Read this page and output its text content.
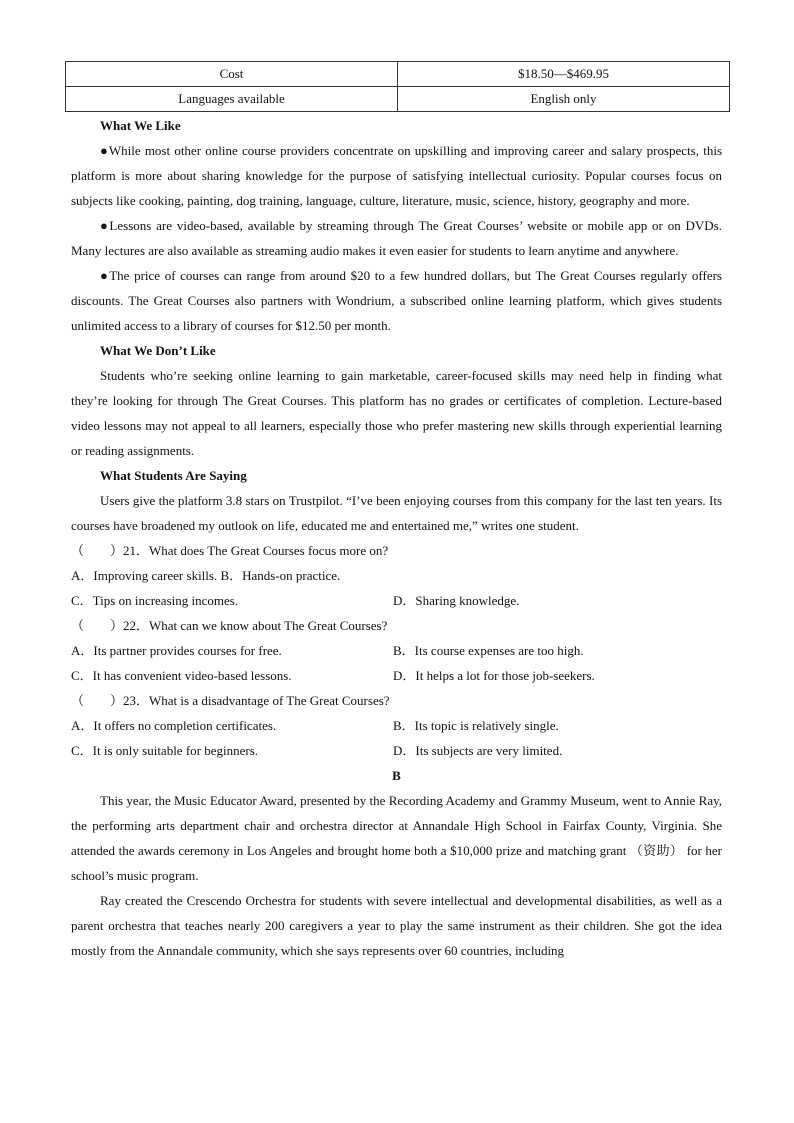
Cost	$18.50—$469.95
Languages available	English only

What We Like

●While most other online course providers concentrate on upskilling and improving career and salary prospects, this platform is more about sharing knowledge for the purpose of satisfying intellectual curiosity. Popular courses focus on subjects like cooking, painting, dog training, language, culture, literature, music, science, history, geography and more.

●Lessons are video-based, available by streaming through The Great Courses’ website or mobile app or on DVDs. Many lectures are also available as streaming audio makes it even easier for students to learn anytime and anywhere.

●The price of courses can range from around $20 to a few hundred dollars, but The Great Courses regularly offers discounts. The Great Courses also partners with Wondrium, a subscribed online learning platform, which gives students unlimited access to a library of courses for $12.50 per month.

What We Don’t Like

Students who’re seeking online learning to gain marketable, career-focused skills may need help in finding what they’re looking for through The Great Courses. This platform has no grades or certificates of completion. Lecture-based video lessons may not appeal to all learners, especially those who prefer mastering new skills through experiential learning or reading assignments.

What Students Are Saying

Users give the platform 3.8 stars on Trustpilot. “I’ve been enjoying courses from this company for the last ten years. Its courses have broadened my outlook on life, educated me and entertained me,” writes one student.

（　　）21．What does The Great Courses focus more on?

A．Improving career skills. B．Hands-on practice.
C．Tips on increasing incomes.	D．Sharing knowledge.

（　　）22．What can we know about The Great Courses?

A．Its partner provides courses for free.	B．Its course expenses are too high.
C．It has convenient video-based lessons.	D．It helps a lot for those job-seekers.

（　　）23．What is a disadvantage of The Great Courses?

A．It offers no completion certificates.	B．Its topic is relatively single.
C．It is only suitable for beginners.	D．Its subjects are very limited.

B

This year, the Music Educator Award, presented by the Recording Academy and Grammy Museum, went to Annie Ray, the performing arts department chair and orchestra director at Annandale High School in Fairfax County, Virginia. She attended the awards ceremony in Los Angeles and brought home both a $10,000 prize and matching grant （资助） for her school’s music program.

Ray created the Crescendo Orchestra for students with severe intellectual and developmental disabilities, as well as a parent orchestra that teaches nearly 200 caregivers a year to play the same instrument as their children. She got the idea mostly from the Annandale community, which she says represents over 60 countries, including
